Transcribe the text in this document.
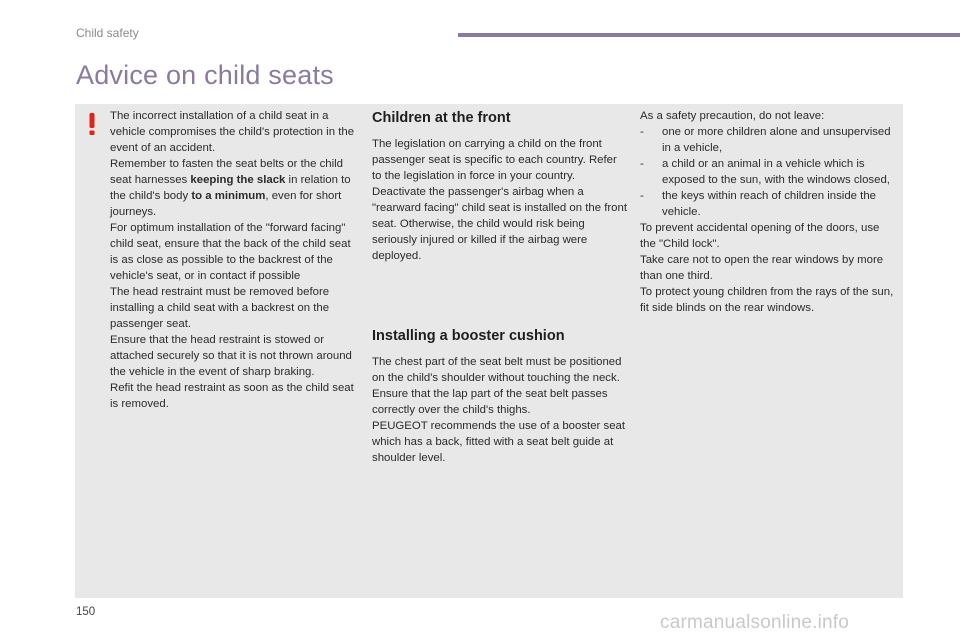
Child safety
Advice on child seats

The incorrect installation of a child seat in a vehicle compromises the child's protection in the event of an accident.

Remember to fasten the seat belts or the child seat harnesses keeping the slack in relation to the child's body to a minimum, even for short journeys.

For optimum installation of the "forward facing" child seat, ensure that the back of the child seat is as close as possible to the backrest of the vehicle's seat, or in contact if possible

The head restraint must be removed before installing a child seat with a backrest on the passenger seat.

Ensure that the head restraint is stowed or attached securely so that it is not thrown around the vehicle in the event of sharp braking.

Refit the head restraint as soon as the child seat is removed.

Children at the front

The legislation on carrying a child on the front passenger seat is specific to each country. Refer to the legislation in force in your country.

Deactivate the passenger's airbag when a "rearward facing" child seat is installed on the front seat. Otherwise, the child would risk being seriously injured or killed if the airbag were deployed.

Installing a booster cushion

The chest part of the seat belt must be positioned on the child's shoulder without touching the neck.

Ensure that the lap part of the seat belt passes correctly over the child's thighs.

PEUGEOT recommends the use of a booster seat which has a back, fitted with a seat belt guide at shoulder level.

As a safety precaution, do not leave:

-	one or more children alone and unsupervised in a vehicle,
-	a child or an animal in a vehicle which is exposed to the sun, with the windows closed,
-	the keys within reach of children inside the vehicle.

To prevent accidental opening of the doors, use the "Child lock".

Take care not to open the rear windows by more than one third.

To protect young children from the rays of the sun, fit side blinds on the rear windows.

150	carmanualsonline.info
